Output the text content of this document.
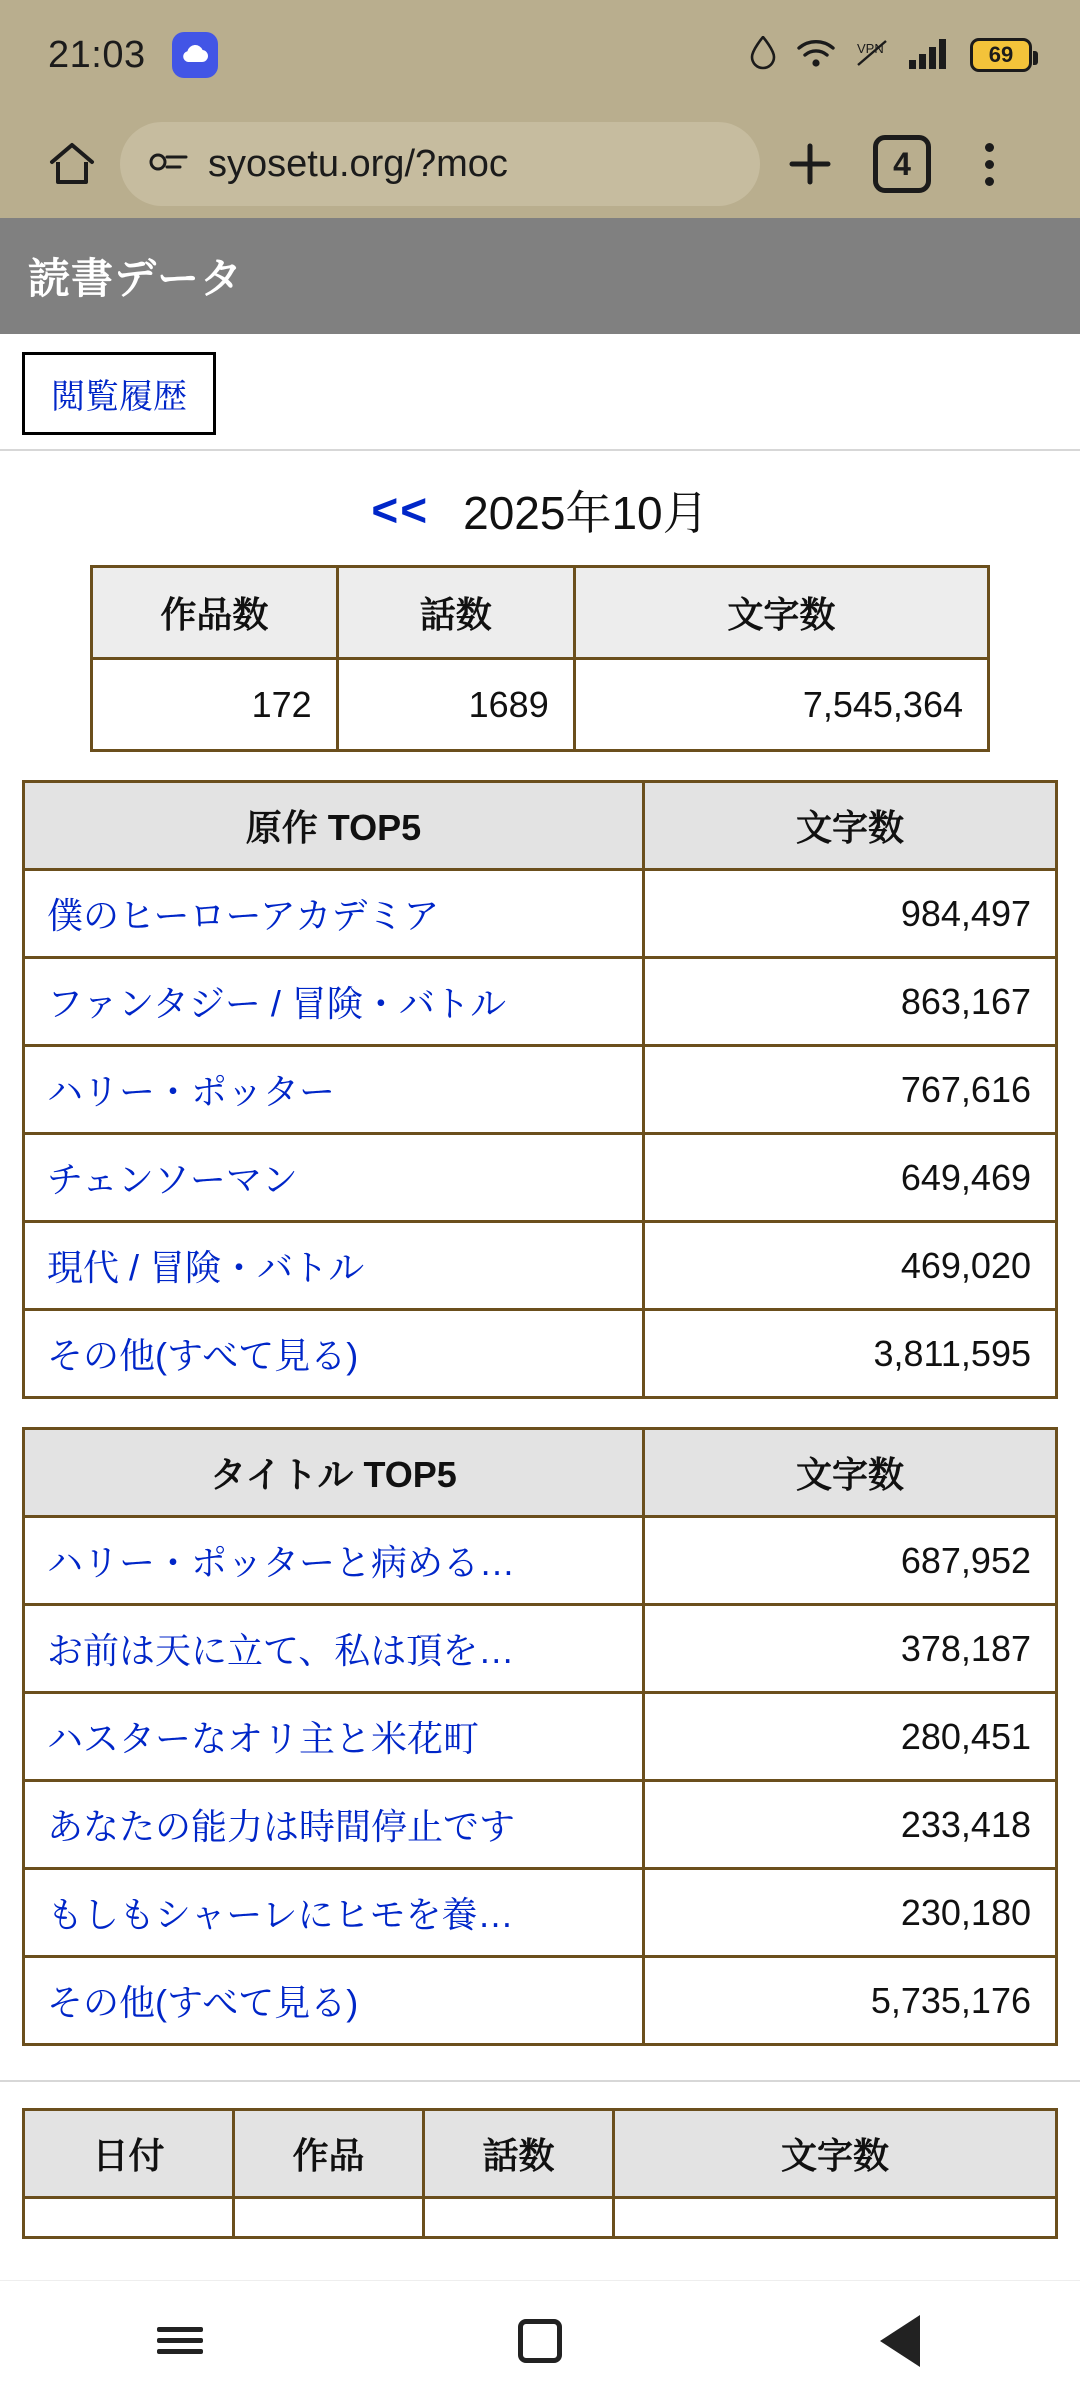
21:03	VPN	69
syosetu.org/?moc	4
読書データ
閲覧履歴
<< 2025年10月
作品数	話数	文字数
172	1689	7,545,364
原作 TOP5	文字数
僕のヒーローアカデミア	984,497
ファンタジー / 冒険・バトル	863,167
ハリー・ポッター	767,616
チェンソーマン	649,469
現代 / 冒険・バトル	469,020
その他(すべて見る)	3,811,595
タイトル TOP5	文字数
ハリー・ポッターと病める…	687,952
お前は天に立て、私は頂を…	378,187
ハスターなオリ主と米花町	280,451
あなたの能力は時間停止です	233,418
もしもシャーレにヒモを養…	230,180
その他(すべて見る)	5,735,176
日付	作品	話数	文字数
